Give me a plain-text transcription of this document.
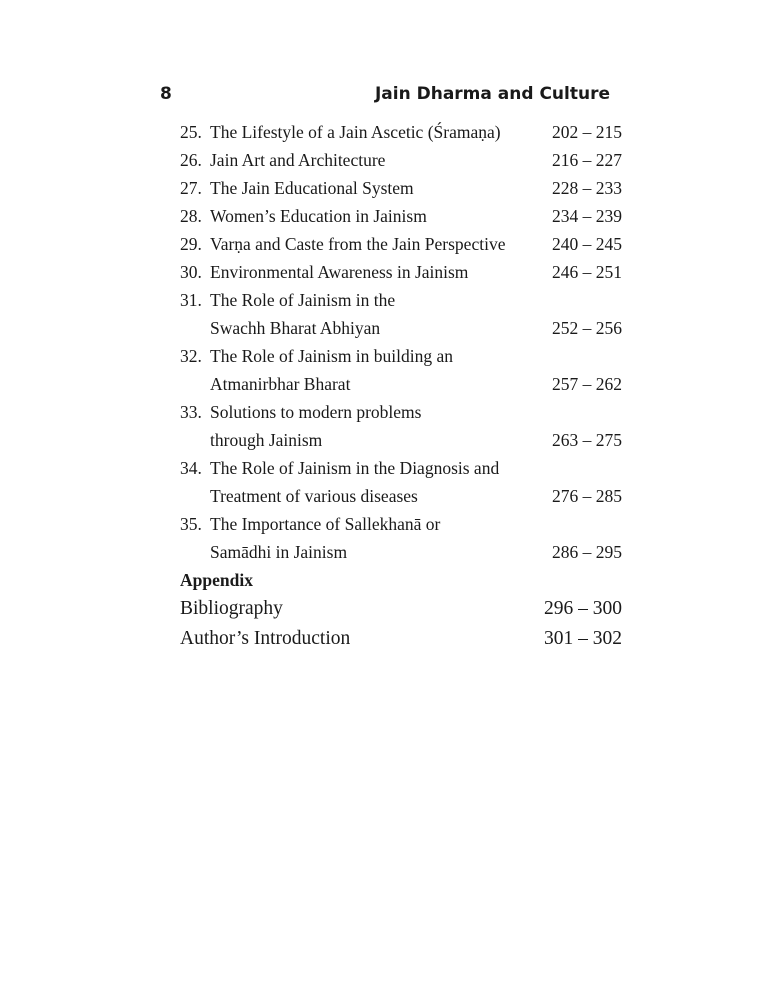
8	Jain Dharma and Culture
25. The Lifestyle of a Jain Ascetic (Śramaṇa)	202 – 215
26. Jain Art and Architecture	216 – 227
27. The Jain Educational System	228 – 233
28. Women’s Education in Jainism	234 – 239
29. Varṇa and Caste from the Jain Perspective	240 – 245
30. Environmental Awareness in Jainism	246 – 251
31. The Role of Jainism in the
Swachh Bharat Abhiyan	252 – 256
32. The Role of Jainism in building an
Atmanirbhar Bharat	257 – 262
33. Solutions to modern problems
through Jainism	263 – 275
34. The Role of Jainism in the Diagnosis and
Treatment of various diseases	276 – 285
35. The Importance of Sallekhanā or
Samādhi in Jainism	286 – 295
Appendix
Bibliography	296 – 300
Author’s Introduction	301 – 302
